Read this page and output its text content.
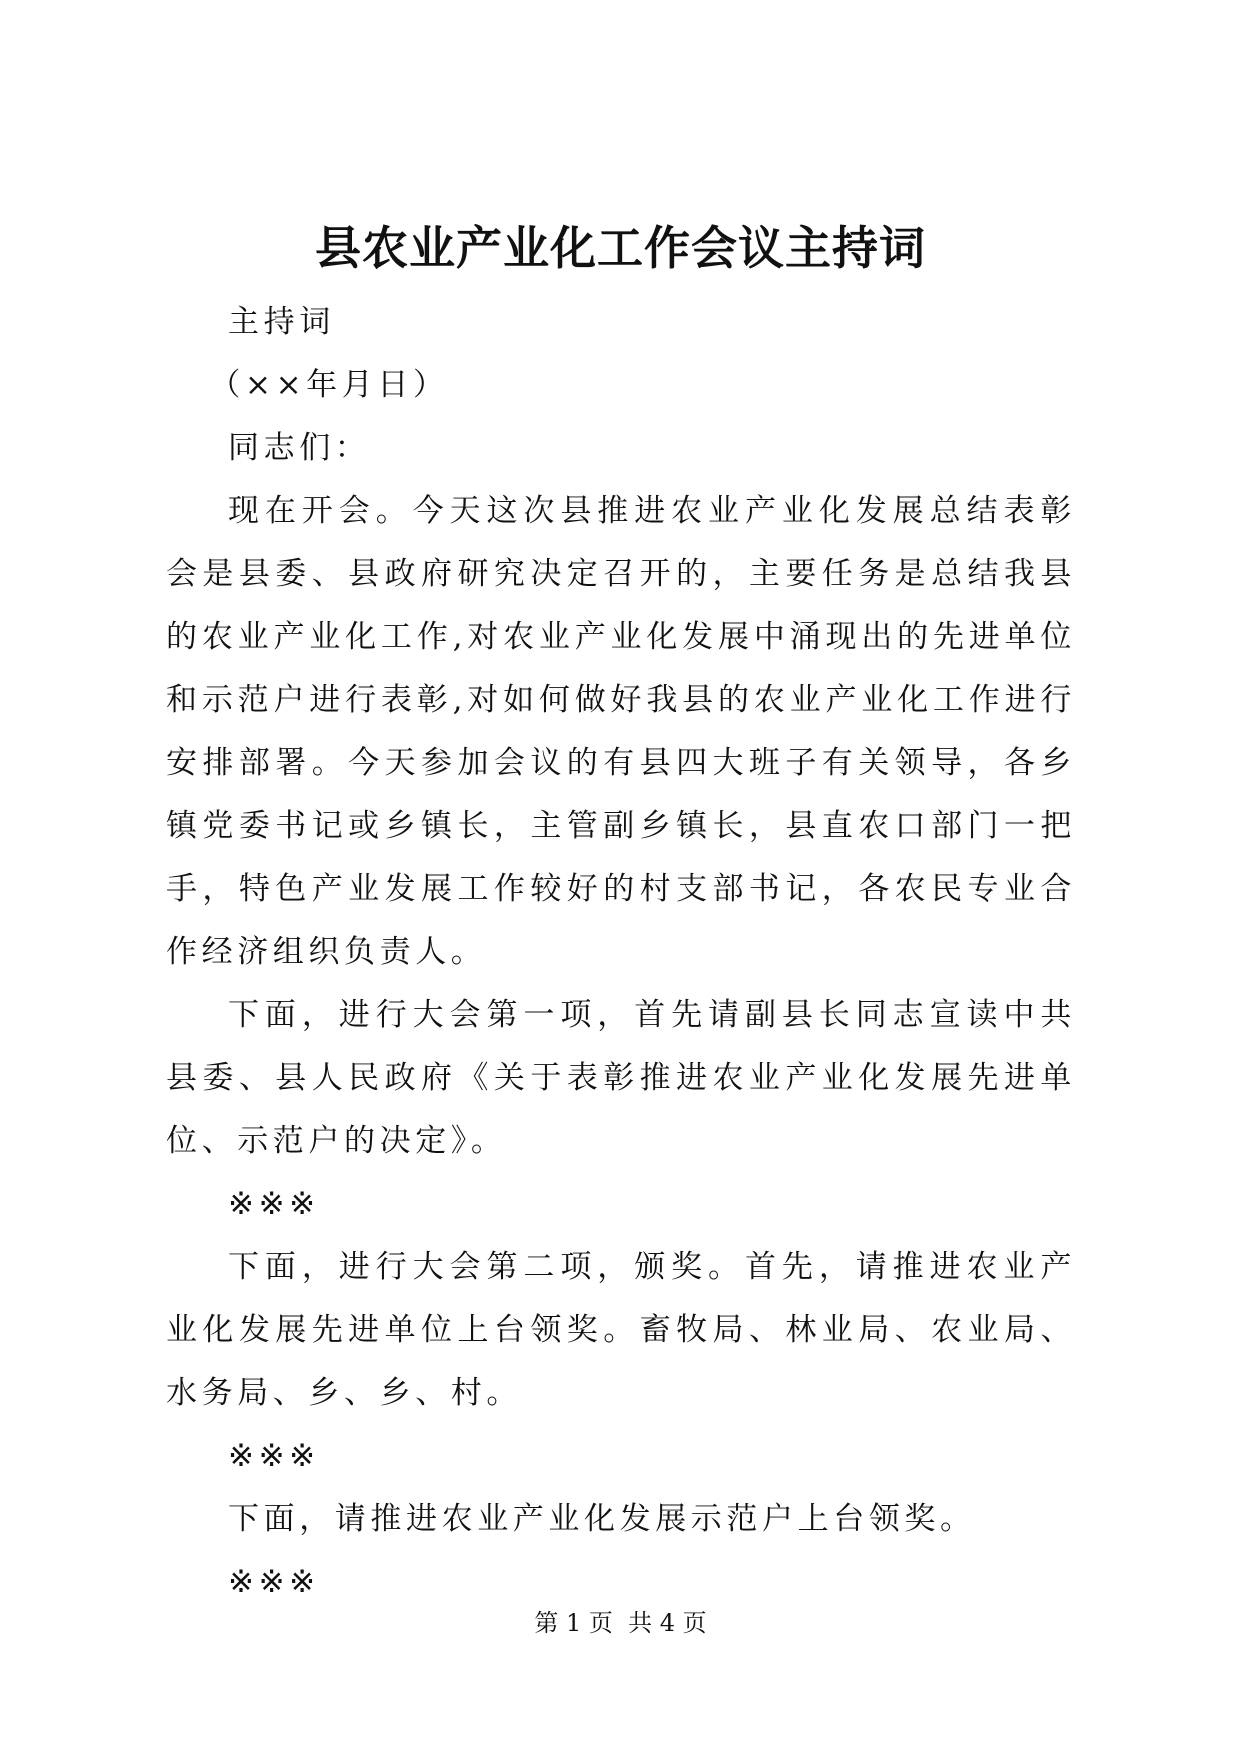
县农业产业化工作会议主持词

主持词

（××年月日）

同志们：

现在开会。今天这次县推进农业产业化发展总结表彰会是县委、县政府研究决定召开的，主要任务是总结我县的农业产业化工作,对农业产业化发展中涌现出的先进单位和示范户进行表彰,对如何做好我县的农业产业化工作进行安排部署。今天参加会议的有县四大班子有关领导，各乡镇党委书记或乡镇长，主管副乡镇长，县直农口部门一把手，特色产业发展工作较好的村支部书记，各农民专业合作经济组织负责人。

下面，进行大会第一项，首先请副县长同志宣读中共县委、县人民政府《关于表彰推进农业产业化发展先进单位、示范户的决定》。

※※※

下面，进行大会第二项，颁奖。首先，请推进农业产业化发展先进单位上台领奖。畜牧局、林业局、农业局、水务局、乡、乡、村。

※※※

下面，请推进农业产业化发展示范户上台领奖。

※※※

第 1 页  共 4 页
